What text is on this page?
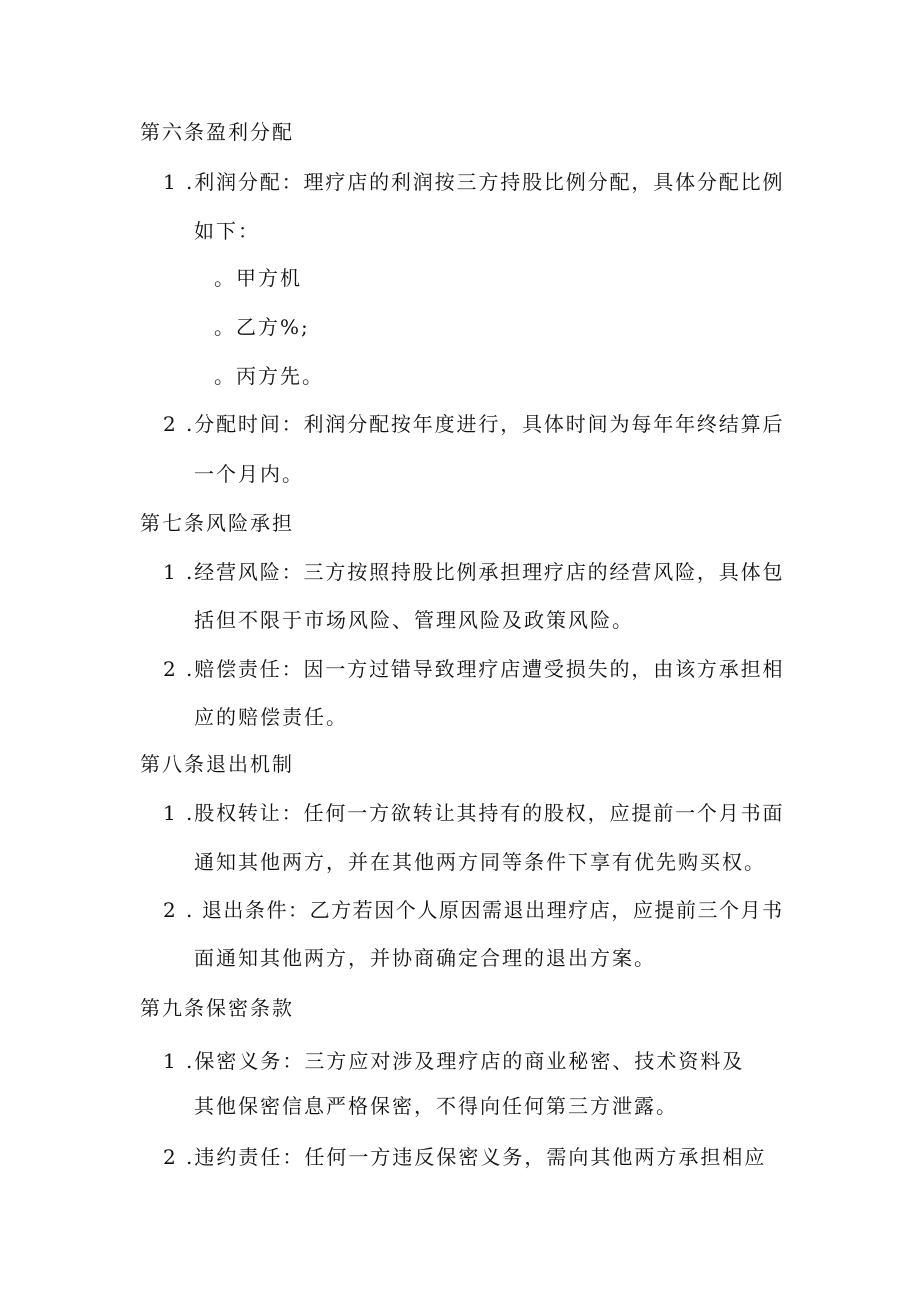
第六条盈利分配
1 .利润分配：理疗店的利润按三方持股比例分配，具体分配比例
如下：
。甲方机
。乙方%;
。丙方先。
2 .分配时间：利润分配按年度进行，具体时间为每年年终结算后
一个月内。
第七条风险承担
1 .经营风险：三方按照持股比例承担理疗店的经营风险，具体包
括但不限于市场风险、管理风险及政策风险。
2 .赔偿责任：因一方过错导致理疗店遭受损失的，由该方承担相
应的赔偿责任。
第八条退出机制
1 .股权转让：任何一方欲转让其持有的股权，应提前一个月书面
通知其他两方，并在其他两方同等条件下享有优先购买权。
2 . 退出条件：乙方若因个人原因需退出理疗店，应提前三个月书
面通知其他两方，并协商确定合理的退出方案。
第九条保密条款
1 .保密义务：三方应对涉及理疗店的商业秘密、技术资料及
其他保密信息严格保密，不得向任何第三方泄露。
2 .违约责任：任何一方违反保密义务，需向其他两方承担相应
